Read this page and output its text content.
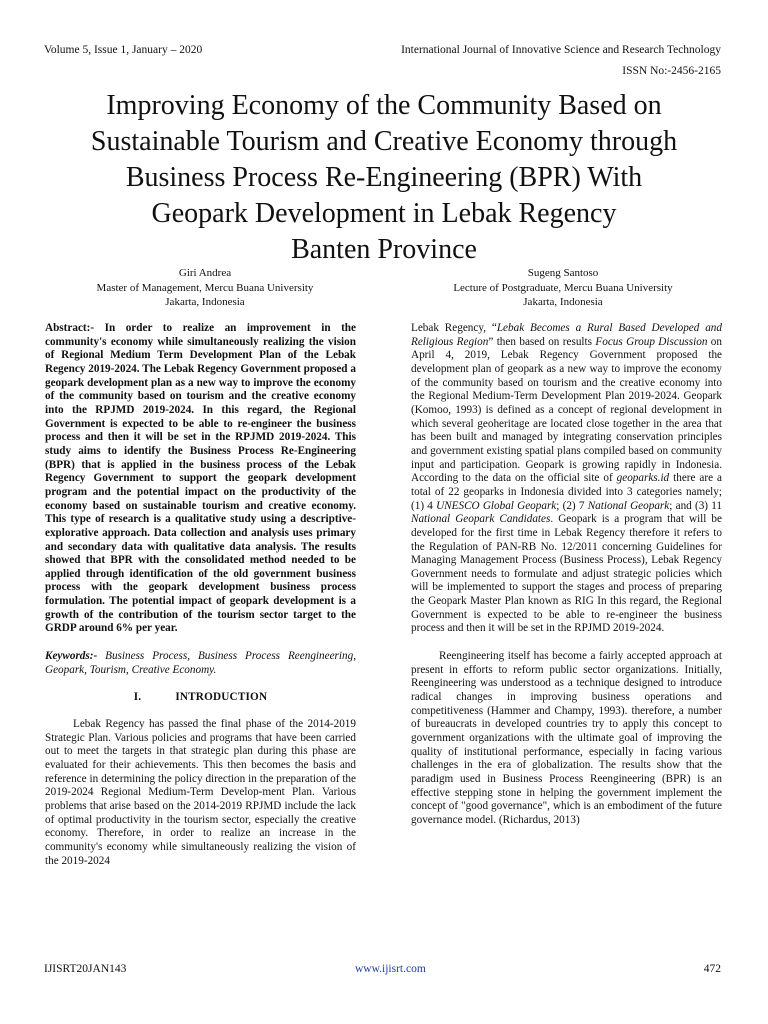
Volume 5, Issue 1, January – 2020	International Journal of Innovative Science and Research Technology
ISSN No:-2456-2165
Improving Economy of the Community Based on
Sustainable Tourism and Creative Economy through
Business Process Re-Engineering (BPR) With
Geopark Development in Lebak Regency
Banten Province
Giri Andrea
Master of Management, Mercu Buana University
Jakarta, Indonesia
Sugeng Santoso
Lecture of Postgraduate, Mercu Buana University
Jakarta, Indonesia

Abstract:- In order to realize an improvement in the community's economy while simultaneously realizing the vision of Regional Medium Term Development Plan of the Lebak Regency 2019-2024. The Lebak Regency Government proposed a geopark development plan as a new way to improve the economy of the community based on tourism and the creative economy into the RPJMD 2019-2024. In this regard, the Regional Government is expected to be able to re-engineer the business process and then it will be set in the RPJMD 2019-2024. This study aims to identify the Business Process Re-Engineering (BPR) that is applied in the business process of the Lebak Regency Government to support the geopark development program and the potential impact on the productivity of the economy based on sustainable tourism and creative economy. This type of research is a qualitative study using a descriptive-explorative approach. Data collection and analysis uses primary and secondary data with qualitative data analysis. The results showed that BPR with the consolidated method needed to be applied through identification of the old government business process with the geopark development business process formulation. The potential impact of geopark development is a growth of the contribution of the tourism sector target to the GRDP around 6% per year.

Keywords:- Business Process, Business Process Reengineering, Geopark, Tourism, Creative Economy.

I.	INTRODUCTION

Lebak Regency has passed the final phase of the 2014-2019 Strategic Plan. Various policies and programs that have been carried out to meet the targets in that strategic plan during this phase are evaluated for their achievements. This then becomes the basis and reference in determining the policy direction in the preparation of the 2019-2024 Regional Medium-Term Develop-ment Plan. Various problems that arise based on the 2014-2019 RPJMD include the lack of optimal productivity in the tourism sector, especially the creative economy. Therefore, in order to realize an increase in the community's economy while simultaneously realizing the vision of the 2019-2024

Lebak Regency, “Lebak Becomes a Rural Based Developed and Religious Region” then based on results Focus Group Discussion on April 4, 2019, Lebak Regency Government proposed the development plan of geopark as a new way to improve the economy of the community based on tourism and the creative economy into the Regional Medium-Term Development Plan 2019-2024. Geopark (Komoo, 1993) is defined as a concept of regional development in which several geoheritage are located close together in the area that has been built and managed by integrating conservation principles and government existing spatial plans compiled based on community input and participation. Geopark is growing rapidly in Indonesia. According to the data on the official site of geoparks.id there are a total of 22 geoparks in Indonesia divided into 3 categories namely; (1) 4 UNESCO Global Geopark; (2) 7 National Geopark; and (3) 11 National Geopark Candidates. Geopark is a program that will be developed for the first time in Lebak Regency therefore it refers to the Regulation of PAN-RB No. 12/2011 concerning Guidelines for Managing Management Process (Business Process), Lebak Regency Government needs to formulate and adjust strategic policies which will be implemented to support the stages and process of preparing the Geopark Master Plan known as RIG In this regard, the Regional Government is expected to be able to re-engineer the business process and then it will be set in the RPJMD 2019-2024.

Reengineering itself has become a fairly accepted approach at present in efforts to reform public sector organizations. Initially, Reengineering was understood as a technique designed to introduce radical changes in improving business operations and competitiveness (Hammer and Champy, 1993). therefore, a number of bureaucrats in developed countries try to apply this concept to government organizations with the ultimate goal of improving the quality of institutional performance, especially in facing various challenges in the era of globalization. The results show that the paradigm used in Business Process Reengineering (BPR) is an effective stepping stone in helping the government implement the concept of "good governance", which is an embodiment of the future governance model. (Richardus, 2013)

IJISRT20JAN143	www.ijisrt.com	472
